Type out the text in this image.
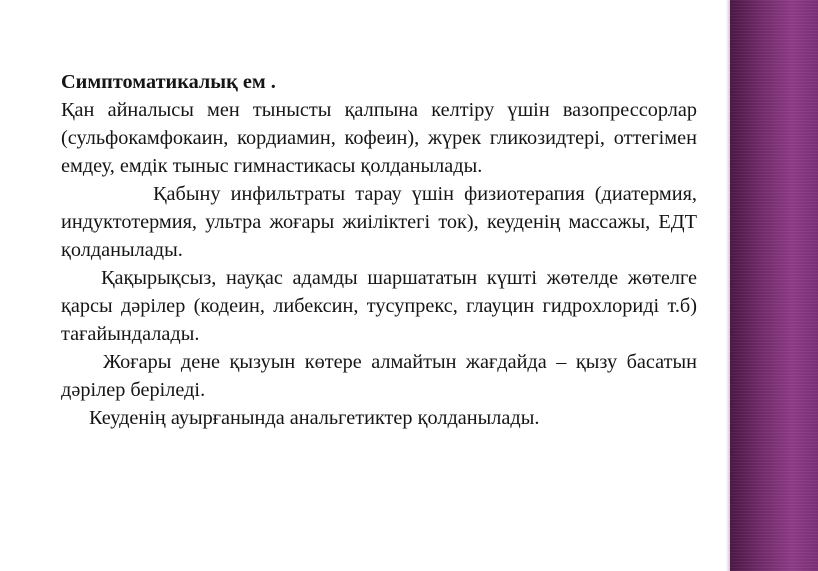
Симптоматикалық ем .

Қан айналысы мен тынысты қалпына келтіру үшін вазопрессорлар (сульфокамфокаин, кордиамин, кофеин), жүрек гликозидтері, оттегімен емдеу, емдік тыныс гимнастикасы қолданылады.

Қабыну инфильтраты тарау үшін физиотерапия (диатермия, индуктотермия, ультра жоғары жиіліктегі ток), кеуденің массажы, ЕДТ қолданылады.

Қақырықсыз, науқас адамды шаршататын күшті жөтелде жөтелге қарсы дәрілер (кодеин, либексин, тусупрекс, глауцин гидрохлориді т.б) тағайындалады.

Жоғары дене қызуын көтере алмайтын жағдайда – қызу басатын дәрілер беріледі.

Кеуденің ауырғанында анальгетиктер қолданылады.
